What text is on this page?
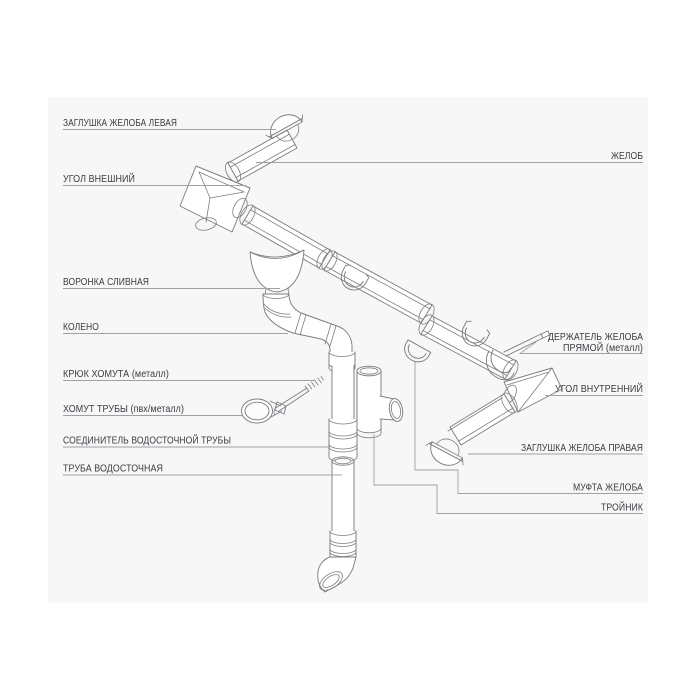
ЗАГЛУШКА ЖЕЛОБА ЛЕВАЯ
УГОЛ ВНЕШНИЙ
ВОРОНКА СЛИВНАЯ
КОЛЕНО
КРЮК ХОМУТА (металл)
ХОМУТ ТРУБЫ (пвх/металл)
СОЕДИНИТЕЛЬ ВОДОСТОЧНОЙ ТРУБЫ
ТРУБА ВОДОСТОЧНАЯ
ЖЕЛОБ
ДЕРЖАТЕЛЬ ЖЕЛОБА
ПРЯМОЙ (металл)
УГОЛ ВНУТРЕННИЙ
ЗАГЛУШКА ЖЕЛОБА ПРАВАЯ
МУФТА ЖЕЛОБА
ТРОЙНИК
